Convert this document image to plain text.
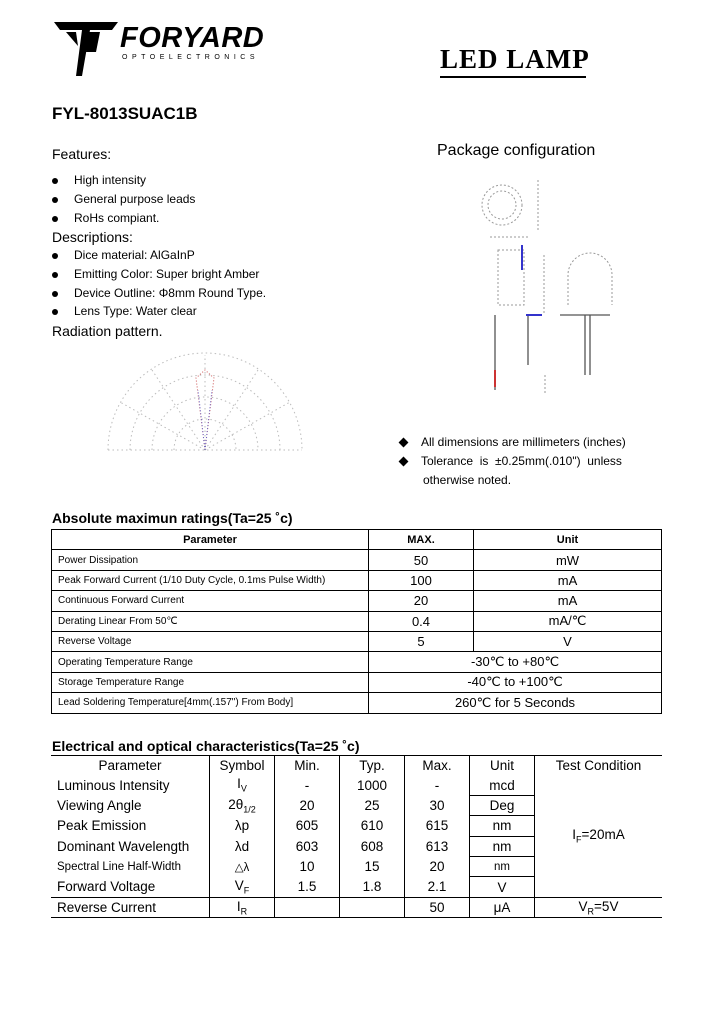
FORYARD
OPTOELECTRONICS	LED LAMP
FYL-8013SUAC1B
Features:
High intensity
General purpose leads
RoHs compiant.
Descriptions:
Dice material: AlGaInP
Emitting Color: Super bright Amber
Device Outline: Φ8mm Round Type.
Lens Type: Water clear
Radiation pattern.
Package configuration
All dimensions are millimeters (inches)
Tolerance  is  ±0.25mm(.010")  unless
otherwise noted.
Absolute maximun ratings(Ta=25 ˚c)
Parameter	MAX.	Unit
Power Dissipation	50	mW
Peak Forward Current (1/10 Duty Cycle, 0.1ms Pulse Width)	100	mA
Continuous Forward Current	20	mA
Derating Linear From 50℃	0.4	mA/℃
Reverse Voltage	5	V
Operating Temperature Range	-30℃ to +80℃	
Storage Temperature Range	-40℃ to +100℃	
Lead Soldering Temperature[4mm(.157") From Body]	260℃ for 5 Seconds	
Electrical and optical characteristics(Ta=25 ˚c)
Parameter	Symbol	Min.	Typ.	Max.	Unit	Test Condition
Luminous Intensity	$I_V$	-	1000	-	mcd	$I_F=20mA$
Viewing Angle	$2\theta_{1/2}$	20	25	30	Deg	
Peak Emission	λp	605	610	615	nm	
Dominant Wavelength	λd	603	608	613	nm	
Spectral Line Half-Width	△λ	10	15	20	nm	
Forward Voltage	$V_F$	1.5	1.8	2.1	V	
Reverse Current	$I_R$			50	μA	$V_R=5V$
